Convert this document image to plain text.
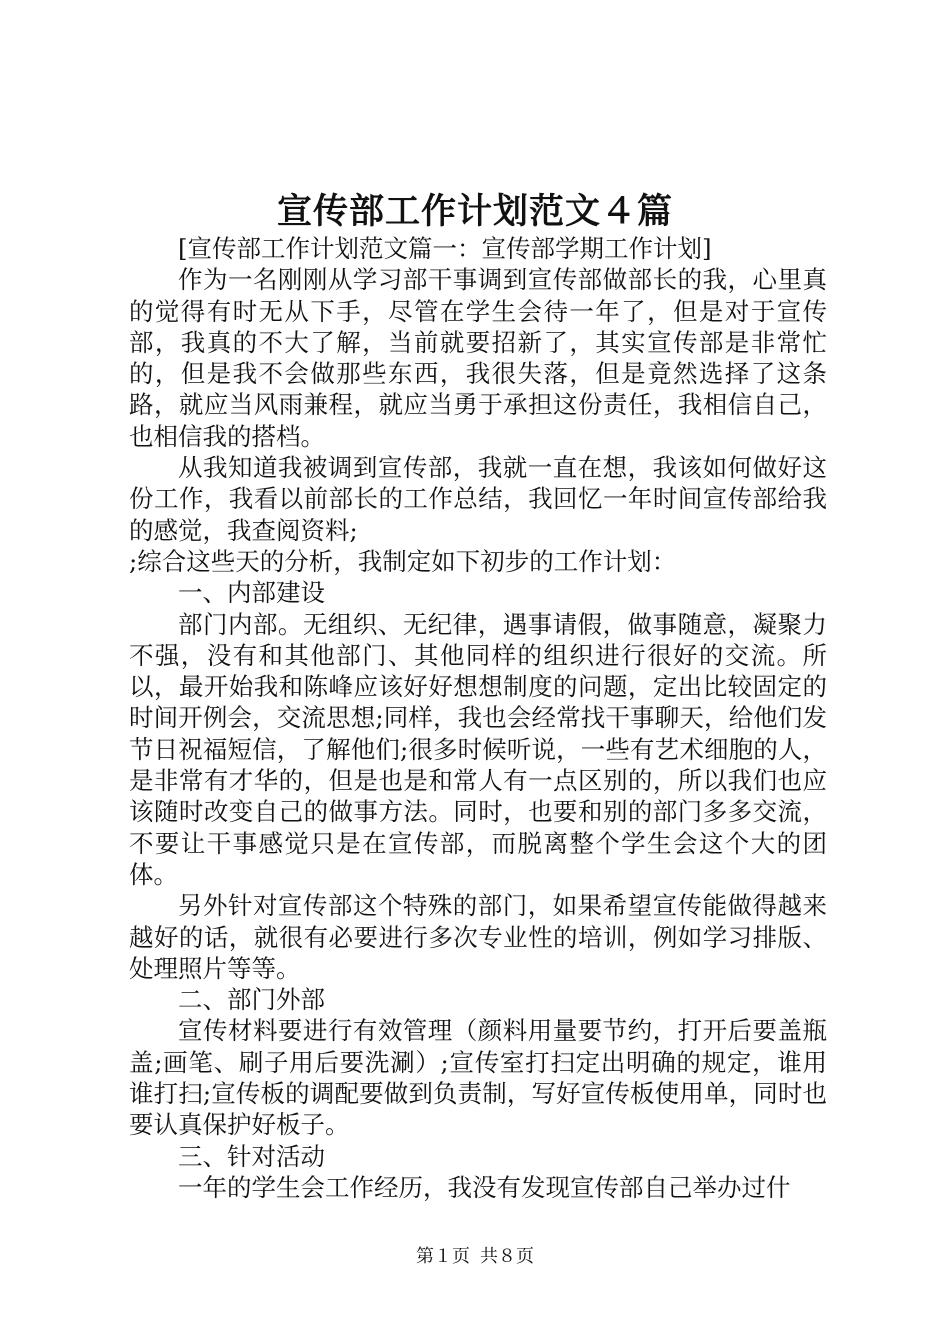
宣传部工作计划范文４篇

[宣传部工作计划范文篇一：宣传部学期工作计划]

作为一名刚刚从学习部干事调到宣传部做部长的我，心里真的觉得有时无从下手，尽管在学生会待一年了，但是对于宣传部，我真的不大了解，当前就要招新了，其实宣传部是非常忙的，但是我不会做那些东西，我很失落，但是竟然选择了这条路，就应当风雨兼程，就应当勇于承担这份责任，我相信自己，也相信我的搭档。

从我知道我被调到宣传部，我就一直在想，我该如何做好这份工作，我看以前部长的工作总结，我回忆一年时间宣传部给我的感觉，我查阅资料;

;综合这些天的分析，我制定如下初步的工作计划：

一、内部建设

部门内部。无组织、无纪律，遇事请假，做事随意，凝聚力不强，没有和其他部门、其他同样的组织进行很好的交流。所以，最开始我和陈峰应该好好想想制度的问题，定出比较固定的时间开例会，交流思想;同样，我也会经常找干事聊天，给他们发节日祝福短信，了解他们;很多时候听说，一些有艺术细胞的人，是非常有才华的，但是也是和常人有一点区别的，所以我们也应该随时改变自己的做事方法。同时，也要和别的部门多多交流，不要让干事感觉只是在宣传部，而脱离整个学生会这个大的团体。

另外针对宣传部这个特殊的部门，如果希望宣传能做得越来越好的话，就很有必要进行多次专业性的培训，例如学习排版、处理照片等等。

二、部门外部

宣传材料要进行有效管理（颜料用量要节约，打开后要盖瓶盖;画笔、刷子用后要洗涮）;宣传室打扫定出明确的规定，谁用谁打扫;宣传板的调配要做到负责制，写好宣传板使用单，同时也要认真保护好板子。

三、针对活动

一年的学生会工作经历，我没有发现宣传部自己举办过什

第１页 共８页
